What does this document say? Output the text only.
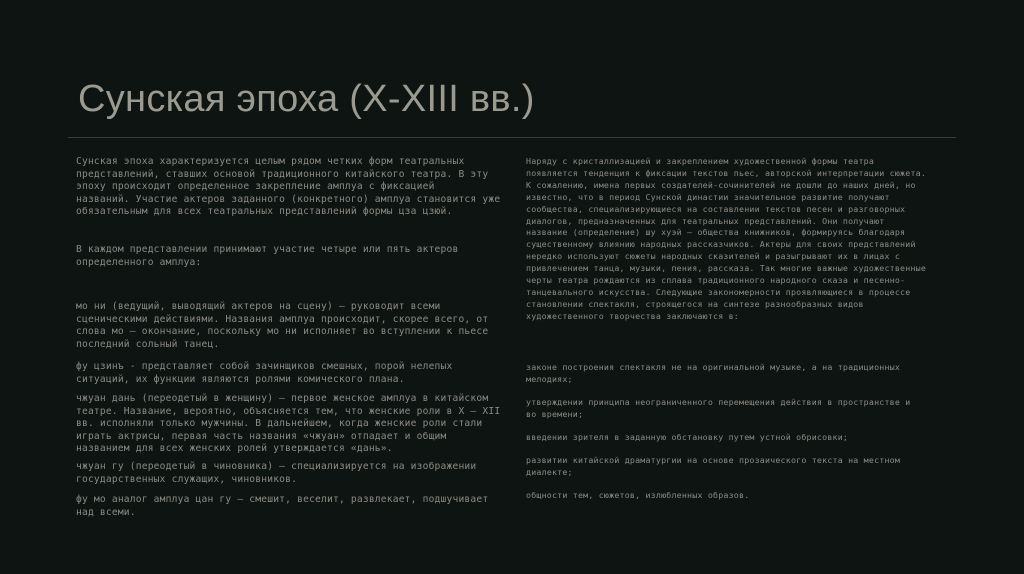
Сунская эпоха (X-XIII вв.)

Сунская эпоха характеризуется целым рядом четких форм театральных
представлений, ставших основой традиционного китайского театра. В эту
эпоху происходит определенное закрепление амплуа с фиксацией
названий. Участие актеров заданного (конкретного) амплуа становится уже
обязательным для всех театральных представлений формы цза цзюй.

В каждом представлении принимают участие четыре или пять актеров
определенного амплуа:

мо ни (ведущий, выводящий актеров на сцену) – руководит всеми
сценическими действиями. Названия амплуа происходит, скорее всего, от
слова мо – окончание, поскольку мо ни исполняет во вступлении к пьесе
последний сольный танец.

фу цзинъ - представляет собой зачинщиков смешных, порой нелепых
ситуаций, их функции являются ролями комического плана.

чжуан дань (переодетый в женщину) – первое женское амплуа в китайском
театре. Название, вероятно, объясняется тем, что женские роли в X – XII
вв. исполняли только мужчины. В дальнейшем, когда женские роли стали
играть актрисы, первая часть названия «чжуан» отпадает и общим
названием для всех женских ролей утверждается «дань».

чжуан гу (переодетый в чиновника) – специализируется на изображении
государственных служащих, чиновников.

фу мо аналог амплуа цан гу – смешит, веселит, развлекает, подшучивает
над всеми.

Наряду с кристаллизацией и закреплением художественной формы театра
появляется тенденция к фиксации текстов пьес, авторской интерпретации сюжета.
К сожалению, имена первых создателей-сочинителей не дошли до наших дней, но
известно, что в период Сунской династии значительное развитие получают
сообщества, специализирующиеся на составлении текстов песен и разговорных
диалогов, предназначенных для театральных представлений. Они получают
название (определение) шу хуэй – общества книжников, формируясь благодаря
существенному влиянию народных рассказчиков. Актеры для своих представлений
нередко используют сюжеты народных сказителей и разыгрывают их в лицах с
привлечением танца, музыки, пения, рассказа. Так многие важные художественные
черты театра рождаются из сплава традиционного народного сказа и песенно-
танцевального искусства. Следующие закономерности проявляющиеся в процессе
становлении спектакля, строящегося на синтезе разнообразных видов
художественного творчества заключаются в:

законе построения спектакля не на оригинальной музыке, а на традиционных
мелодиях;

утверждении принципа неограниченного перемещения действия в пространстве и
во времени;

введении зрителя в заданную обстановку путем устной обрисовки;

развитии китайской драматургии на основе прозаического текста на местном
диалекте;

общности тем, сюжетов, излюбленных образов.
